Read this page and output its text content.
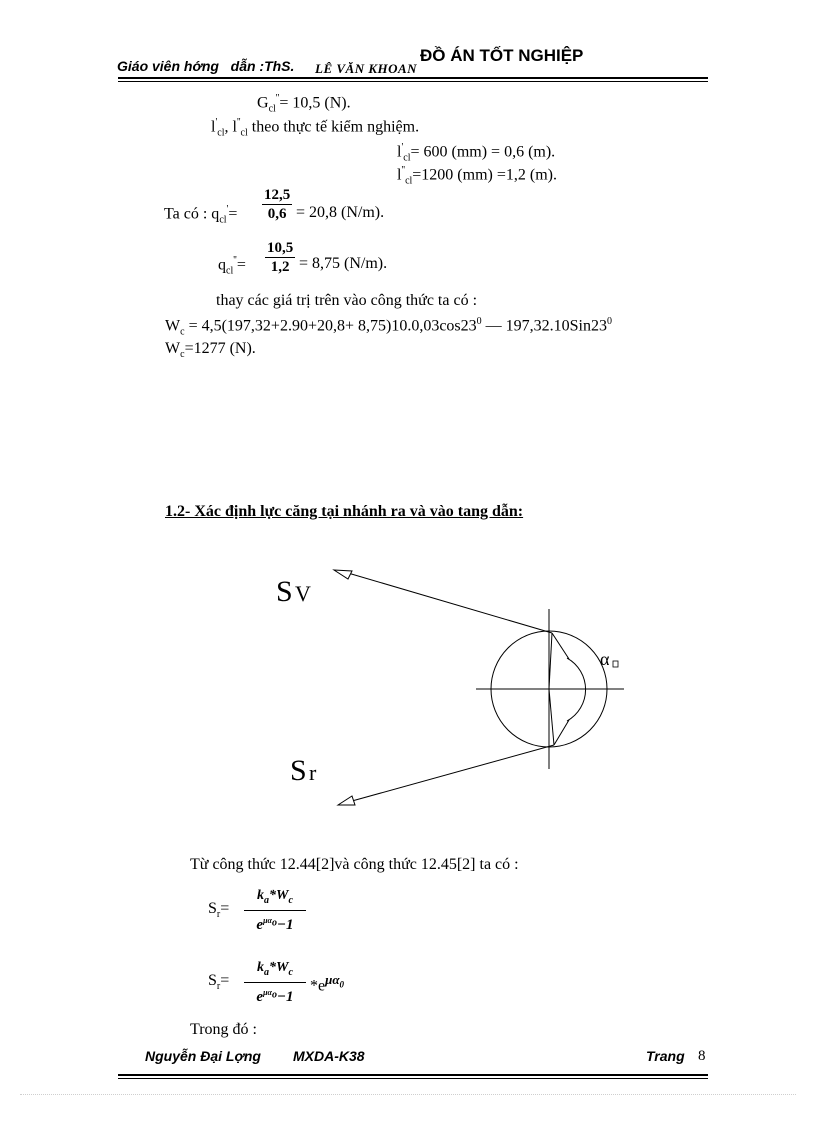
ĐỒ ÁN TỐT NGHIỆP
Giáo viên hớng dẫn :ThS. LÊ VĂN KHOAN
$G_{cl}''= 10,5$ (N).
$l'_{cl}$, $l''_{cl}$ theo thực tế kiểm nghiệm.
$l'_{cl}= 600$ (mm) = 0,6 (m).
$l''_{cl}=1200$ (mm) =1,2 (m).
Ta có : $q_{cl}'=$
12,5
0,6 = 20,8 (N/m).
$q_{cl}''=$
10,5
1,2 = 8,75 (N/m).
thay các giá trị trên vào công thức ta có :
$W_c = 4,5(197,32+2.90+20,8+ 8,75)10.0,03\cos 23^0$ — $197,32.10Sin23^0$
$W_c=1277$ (N).
1.2- Xác định lực căng tại nhánh ra và vào tang dẫn:
S V
S r
α
Từ công thức 12.44[2]và công thức 12.45[2] ta có :
$S_r=$
$k_a*W_c$
$e^{\mu\alpha_o}-1$
$S_r=$
$k_a*W_c$
$e^{\mu\alpha_o}-1$
$*e^{\mu\alpha_0}$
Trong đó :
Nguyễn Đại Lợng MXDA-K38	Trang 8
